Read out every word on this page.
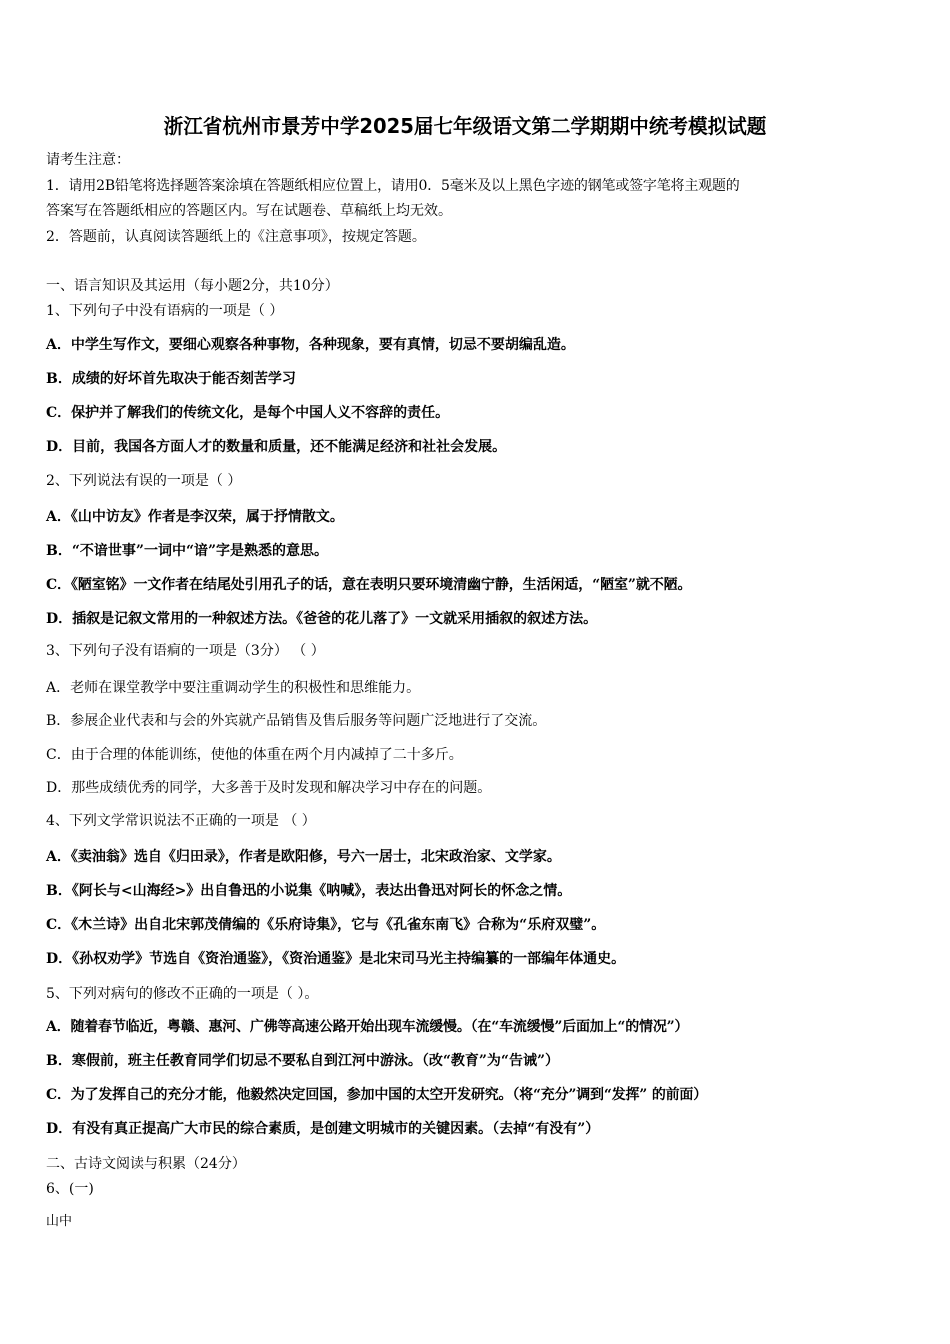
浙江省杭州市景芳中学2025届七年级语文第二学期期中统考模拟试题
请考生注意：
1．请用2B铅笔将选择题答案涂填在答题纸相应位置上，请用0．5毫米及以上黑色字迹的钢笔或签字笔将主观题的
答案写在答题纸相应的答题区内。写在试题卷、草稿纸上均无效。
2．答题前，认真阅读答题纸上的《注意事项》，按规定答题。
一、语言知识及其运用（每小题2分，共10分）
1、下列句子中没有语病的一项是（ ）
A．中学生写作文，要细心观察各种事物，各种现象，要有真情，切忌不要胡编乱造。
B．成绩的好坏首先取决于能否刻苦学习
C．保护并了解我们的传统文化，是每个中国人义不容辞的责任。
D．目前，我国各方面人才的数量和质量，还不能满足经济和社社会发展。
2、下列说法有误的一项是（ ）
A．《山中访友》作者是李汉荣，属于抒情散文。
B．“不谙世事”一词中“谙”字是熟悉的意思。
C．《陋室铭》一文作者在结尾处引用孔子的话，意在表明只要环境清幽宁静，生活闲适，“陋室”就不陋。
D．插叙是记叙文常用的一种叙述方法。《爸爸的花儿落了》一文就采用插叙的叙述方法。
3、下列句子没有语痌的一项是（3分） （ ）
A．老师在课堂教学中要注重调动学生的积极性和思维能力。
B．参展企业代表和与会的外宾就产品销售及售后服务等问题广泛地进行了交流。
C．由于合理的体能训练，使他的体重在两个月内减掉了二十多斤。
D．那些成绩优秀的同学，大多善于及时发现和解决学习中存在的问题。
4、下列文学常识说法不正确的一项是 （ ）
A．《卖油翁》选自《归田录》，作者是欧阳修，号六一居士，北宋政治家、文学家。
B．《阿长与<山海经>》出自鲁迅的小说集《呐喊》，表达出鲁迅对阿长的怀念之情。
C．《木兰诗》出自北宋郭茂倩编的《乐府诗集》，它与《孔雀东南飞》合称为“乐府双璧”。
D．《孙权劝学》节选自《资治通鉴》，《资治通鉴》是北宋司马光主持编纂的一部编年体通史。
5、下列对病句的修改不正确的一项是（ ）。
A．随着春节临近，粤赣、惠河、广佛等高速公路开始出现车流缓慢。（在“车流缓慢”后面加上“的情况”）
B．寒假前，班主任教育同学们切忌不要私自到江河中游泳。（改“教育”为“告诫”）
C．为了发挥自己的充分才能，他毅然决定回国，参加中国的太空开发研究。（将“充分”调到“发挥” 的前面）
D．有没有真正提高广大市民的综合素质，是创建文明城市的关键因素。（去掉“有没有”）
二、古诗文阅读与积累（24分）
6、(一)
山中
